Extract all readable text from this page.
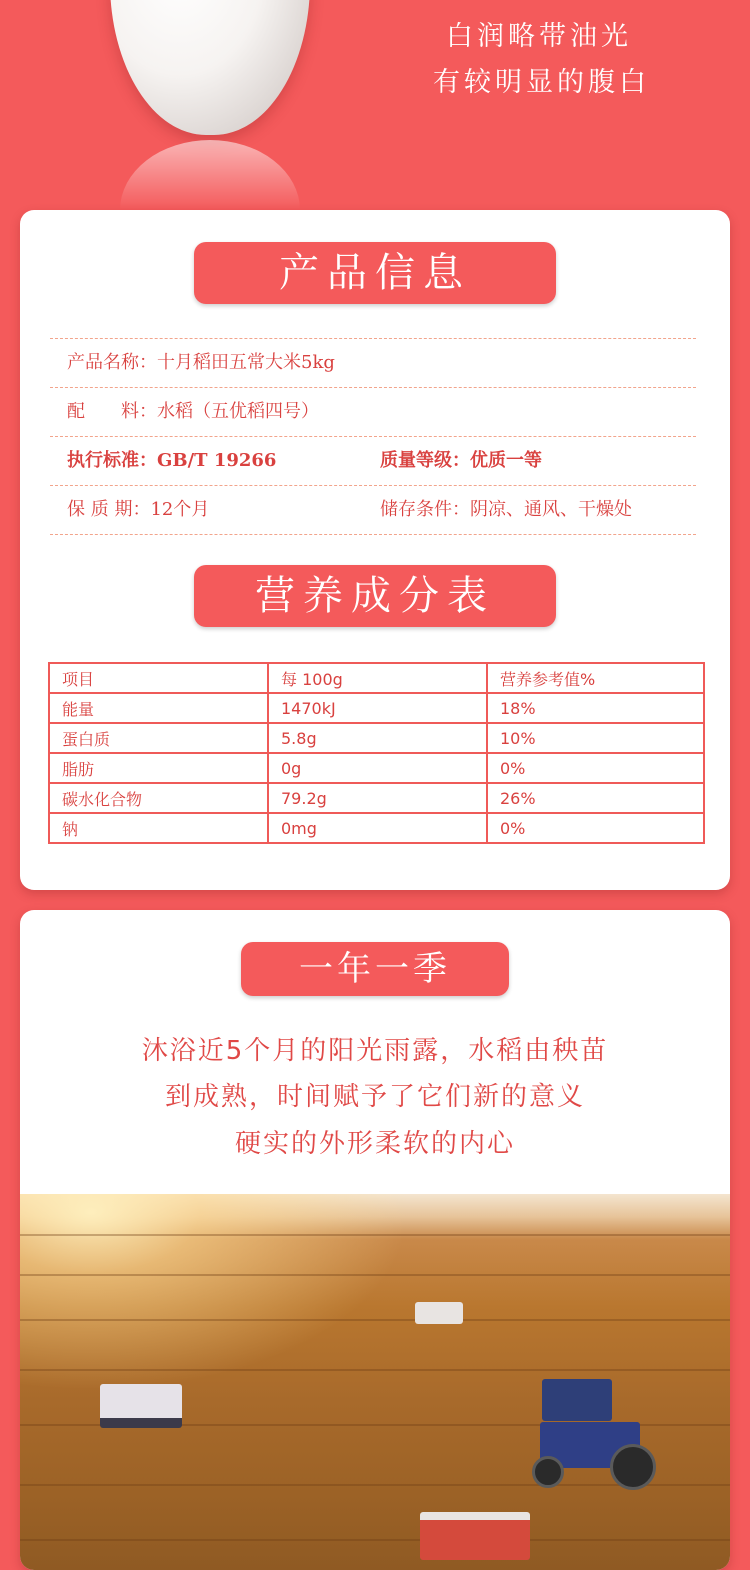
白润略带油光
有较明显的腹白
产品信息
产品名称：十月稻田五常大米5kg
配　　料：水稻（五优稻四号）
执行标准：GB/T 19266	质量等级：优质一等
保 质 期：12个月	储存条件：阴凉、通风、干燥处
营养成分表
项目	每 100g	营养参考值%
能量	1470kJ	18%
蛋白质	5.8g	10%
脂肪	0g	0%
碳水化合物	79.2g	26%
钠	0mg	0%
一年一季
沐浴近5个月的阳光雨露，水稻由秧苗
到成熟，时间赋予了它们新的意义
硬实的外形柔软的内心
